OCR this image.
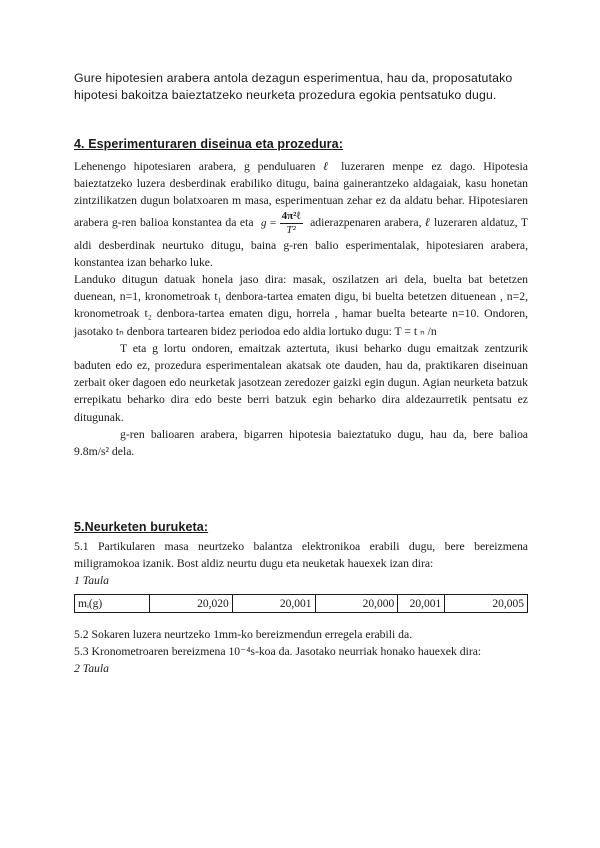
Gure hipotesien arabera antola dezagun esperimentua, hau da, proposatutako hipotesi bakoitza baieztatzeko neurketa prozedura egokia pentsatuko dugu.
4. Esperimenturaren diseinua eta prozedura:

Lehenengo hipotesiaren arabera, g penduluaren ℓ luzeraren menpe ez dago. Hipotesia baieztatzeko luzera desberdinak erabiliko ditugu, baina gainerantzeko aldagaiak, kasu honetan zintzilikatzen dugun bolatxoaren m masa, esperimentuan zehar ez da aldatu behar. Hipotesiaren arabera g-ren balioa konstantea da eta $g = \frac{\text{4π²ℓ}}{\text{T²}}$ adierazpenaren arabera, ℓ luzeraren aldatuz, T aldi desberdinak neurtuko ditugu, baina g-ren balio esperimentalak, hipotesiaren arabera, konstantea izan beharko luke.

Landuko ditugun datuak honela jaso dira: masak, oszilatzen ari dela, buelta bat betetzen duenean, n=1, kronometroak t₁ denbora-tartea ematen digu, bi buelta betetzen dituenean , n=2, kronometroak t₂ denbora-tartea ematen digu, horrela , hamar buelta betearte n=10. Ondoren, jasotako tₙ denbora tartearen bidez periodoa edo aldia lortuko dugu: T = t ₙ /n

T eta g lortu ondoren, emaitzak aztertuta, ikusi beharko dugu emaitzak zentzurik baduten edo ez, prozedura esperimentalean akatsak ote dauden, hau da, praktikaren diseinuan zerbait oker dagoen edo neurketak jasotzean zeredozer gaizki egin dugun. Agian neurketa batzuk errepikatu beharko dira edo beste berri batzuk egin beharko dira aldezaurretik pentsatu ez ditugunak.

g-ren balioaren arabera, bigarren hipotesia baieztatuko dugu, hau da, bere balioa 9.8m/s² dela.

5.Neurketen buruketa:

5.1 Partikularen masa neurtzeko balantza elektronikoa erabili dugu, bere bereizmena miligramokoa izanik. Bost aldiz neurtu dugu eta neuketak hauexek izan dira:

1 Taula

mᵢ(g)	20,020	20,001	20,000	20,001	20,005

5.2 Sokaren luzera neurtzeko 1mm-ko bereizmendun erregela erabili da.

5.3 Kronometroaren bereizmena 10⁻⁴s-koa da. Jasotako neurriak honako hauexek dira:

2 Taula
